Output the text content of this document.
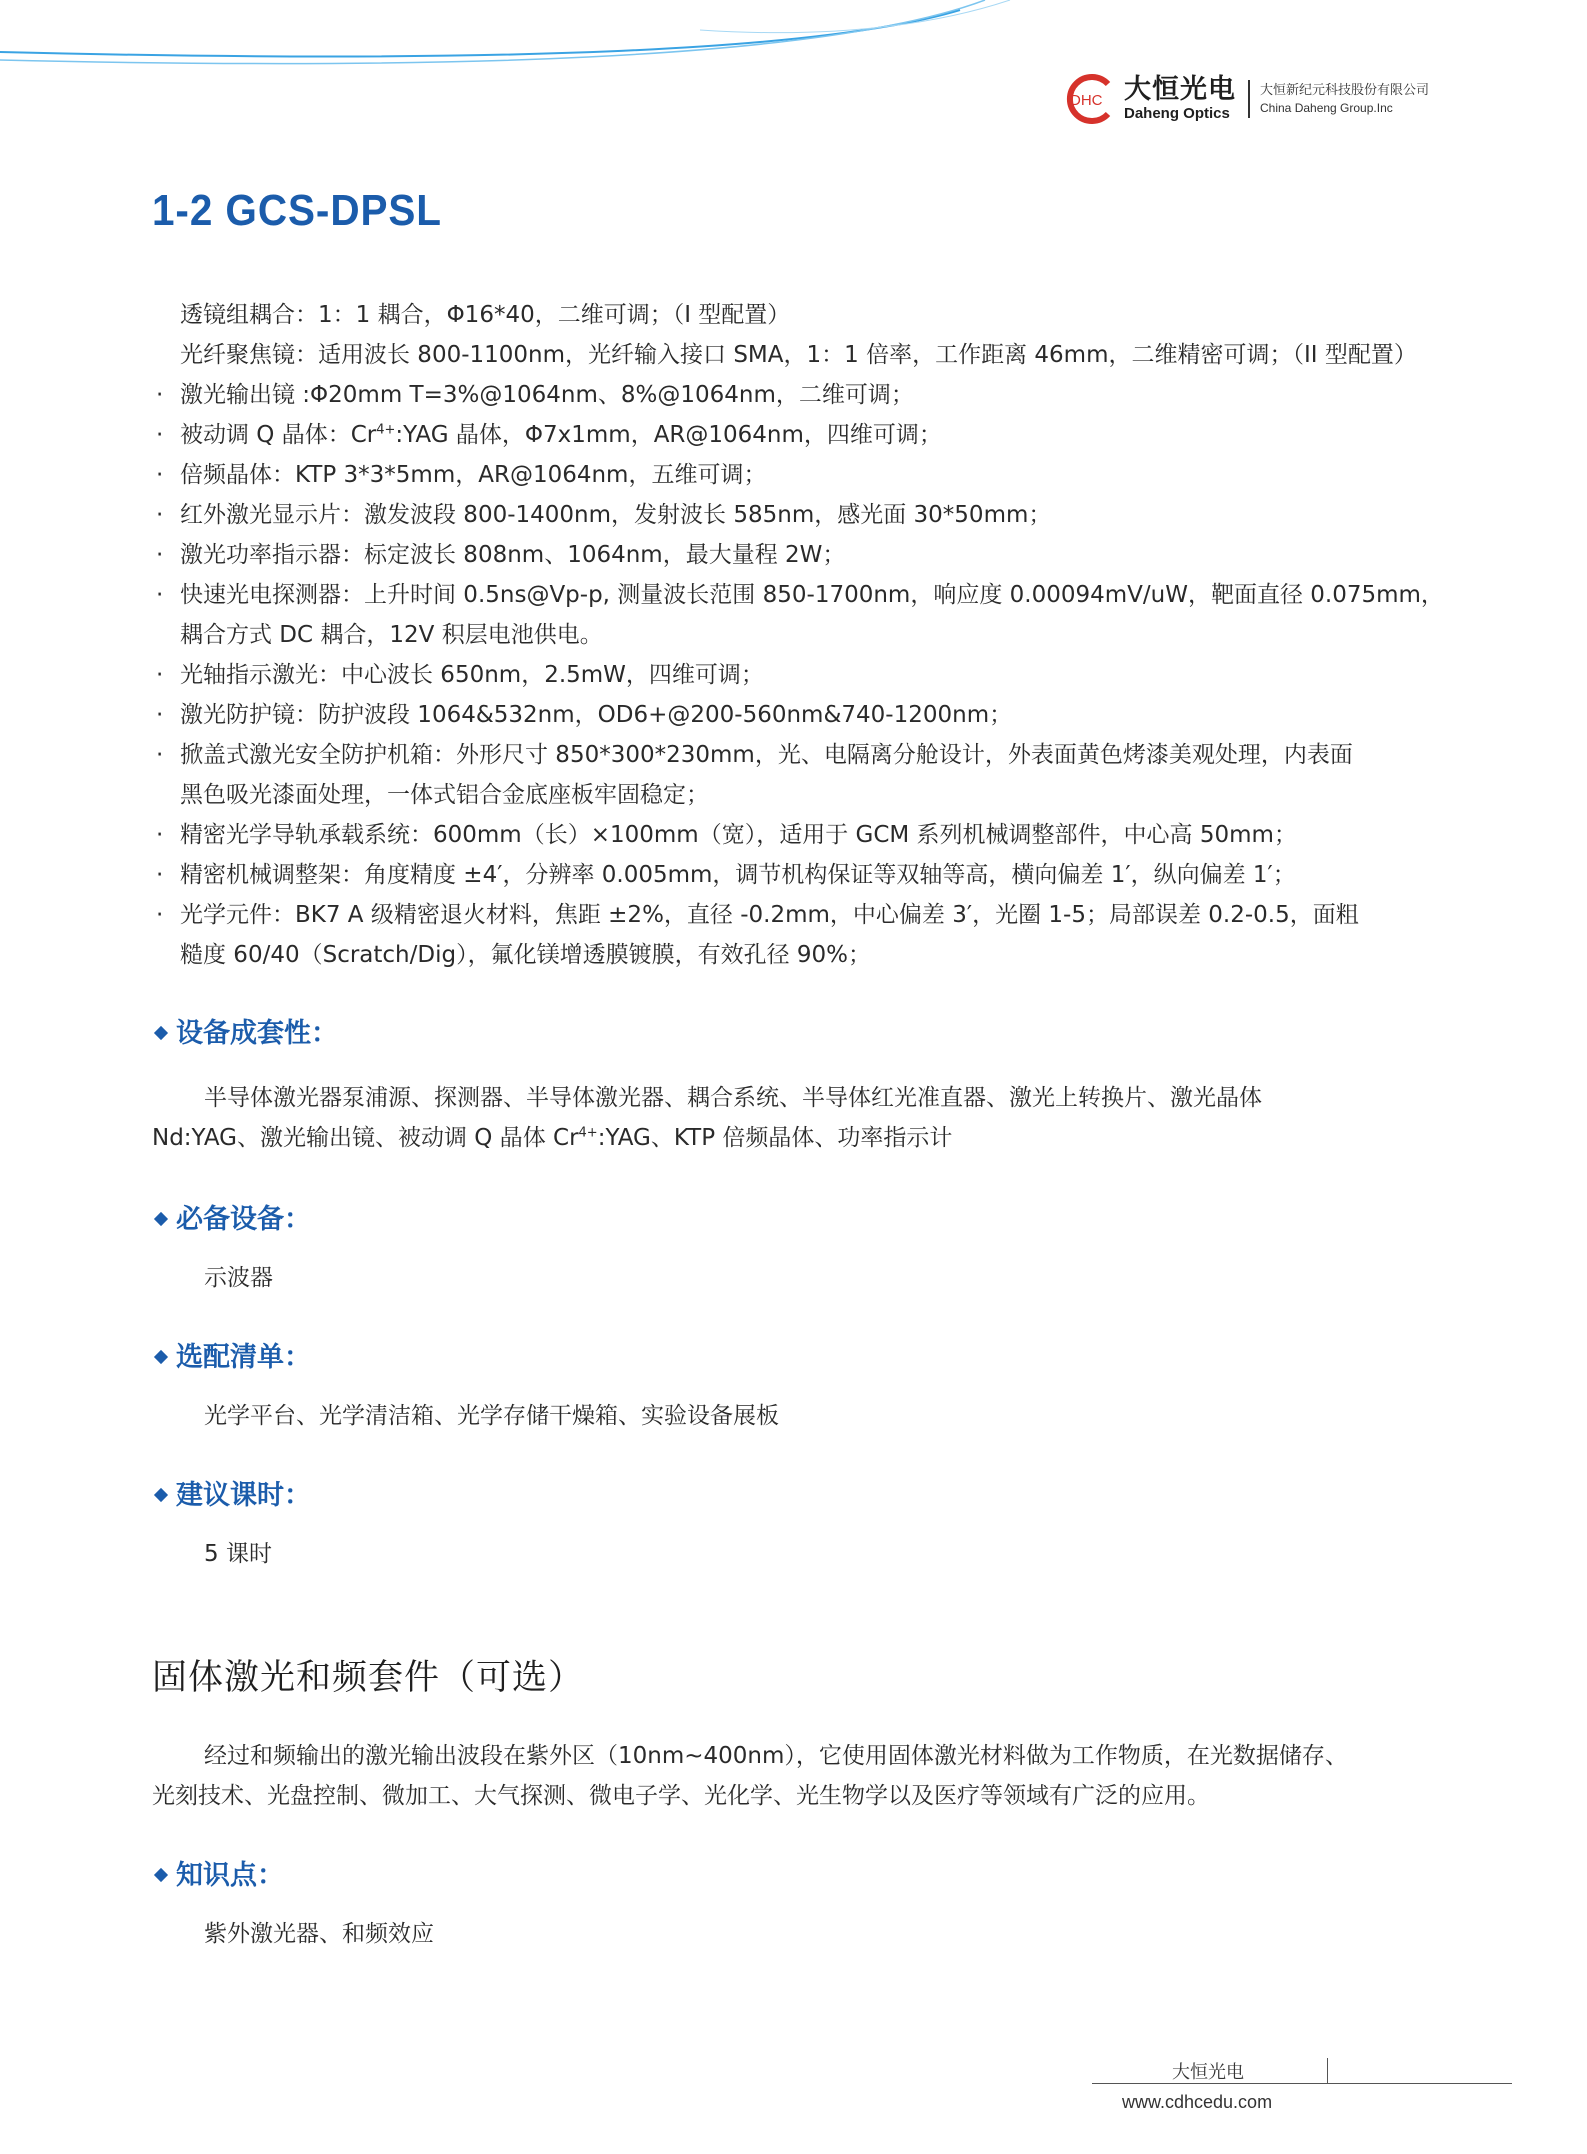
DHC 大恒光电
Daheng Optics
大恒新纪元科技股份有限公司
China Daheng Group.Inc
1-2 GCS-DPSL
透镜组耦合：1：1 耦合，Φ16*40，二维可调；（I 型配置）
光纤聚焦镜：适用波长 800-1100nm，光纤输入接口 SMA，1：1 倍率，工作距离 46mm，二维精密可调；（II 型配置）
· 激光输出镜 :Φ20mm T=3%@1064nm、8%@1064nm，二维可调；
· 被动调 Q 晶体：$Cr^{4+}:YAG$ 晶体，Φ7x1mm，AR@1064nm，四维可调；
· 倍频晶体：KTP 3*3*5mm，AR@1064nm，五维可调；
· 红外激光显示片：激发波段 800-1400nm，发射波长 585nm，感光面 30*50mm；
· 激光功率指示器：标定波长 808nm、1064nm，最大量程 2W；
· 快速光电探测器：上升时间 0.5ns@Vp-p, 测量波长范围 850-1700nm，响应度 0.00094mV/uW，靶面直径 0.075mm，
耦合方式 DC 耦合，12V 积层电池供电。
· 光轴指示激光：中心波长 650nm，2.5mW，四维可调；
· 激光防护镜：防护波段 1064&532nm，OD6+@200-560nm&740-1200nm；
· 掀盖式激光安全防护机箱：外形尺寸 850*300*230mm，光、电隔离分舱设计，外表面黄色烤漆美观处理，内表面
黑色吸光漆面处理，一体式铝合金底座板牢固稳定；
· 精密光学导轨承载系统：600mm（长）×100mm（宽），适用于 GCM 系列机械调整部件，中心高 50mm；
· 精密机械调整架：角度精度 ±4′，分辨率 0.005mm，调节机构保证等双轴等高，横向偏差 1′，纵向偏差 1′；
· 光学元件：BK7 A 级精密退火材料，焦距 ±2%，直径 -0.2mm，中心偏差 3′，光圈 1-5；局部误差 0.2-0.5，面粗
糙度 60/40（Scratch/Dig），氟化镁增透膜镀膜，有效孔径 90%；
设备成套性：
半导体激光器泵浦源、探测器、半导体激光器、耦合系统、半导体红光准直器、激光上转换片、激光晶体
Nd:YAG、激光输出镜、被动调 Q 晶体 $Cr^{4+}:YAG$、KTP 倍频晶体、功率指示计
必备设备：
示波器
选配清单：
光学平台、光学清洁箱、光学存储干燥箱、实验设备展板
建议课时：
5 课时
固体激光和频套件（可选）
经过和频输出的激光输出波段在紫外区（10nm~400nm），它使用固体激光材料做为工作物质，在光数据储存、
光刻技术、光盘控制、微加工、大气探测、微电子学、光化学、光生物学以及医疗等领域有广泛的应用。
知识点：
紫外激光器、和频效应
大恒光电
www.cdhcedu.com
